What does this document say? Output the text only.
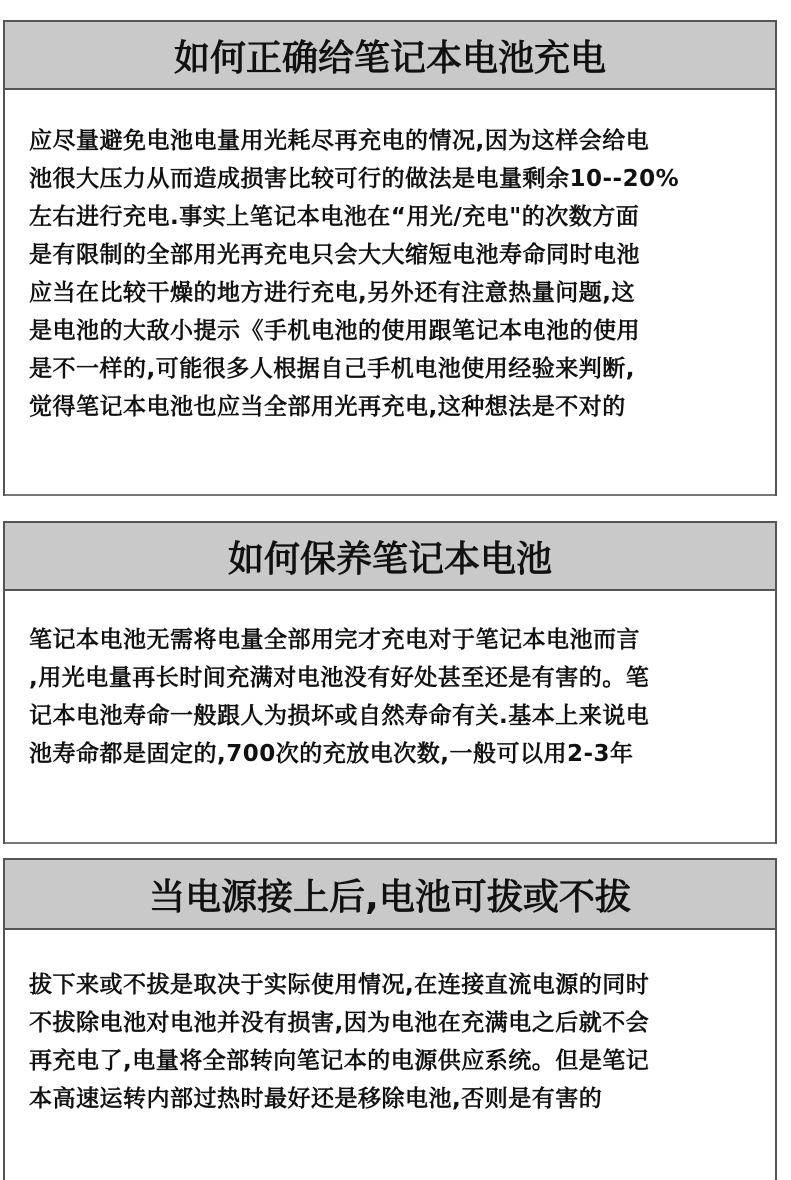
如何正确给笔记本电池充电
应尽量避免电池电量用光耗尽再充电的情况,因为这样会给电
池很大压力从而造成损害比较可行的做法是电量剩余10--20%
左右进行充电.事实上笔记本电池在“用光/充电"的次数方面
是有限制的全部用光再充电只会大大缩短电池寿命同时电池
应当在比较干燥的地方进行充电,另外还有注意热量问题,这
是电池的大敌小提示《手机电池的使用跟笔记本电池的使用
是不一样的,可能很多人根据自己手机电池使用经验来判断,
觉得笔记本电池也应当全部用光再充电,这种想法是不对的
如何保养笔记本电池
笔记本电池无需将电量全部用完才充电对于笔记本电池而言
,用光电量再长时间充满对电池没有好处甚至还是有害的。笔
记本电池寿命一般跟人为损坏或自然寿命有关.基本上来说电
池寿命都是固定的,700次的充放电次数,一般可以用2-3年
当电源接上后,电池可拔或不拔
拔下来或不拔是取决于实际使用情况,在连接直流电源的同时
不拔除电池对电池并没有损害,因为电池在充满电之后就不会
再充电了,电量将全部转向笔记本的电源供应系统。但是笔记
本高速运转内部过热时最好还是移除电池,否则是有害的
